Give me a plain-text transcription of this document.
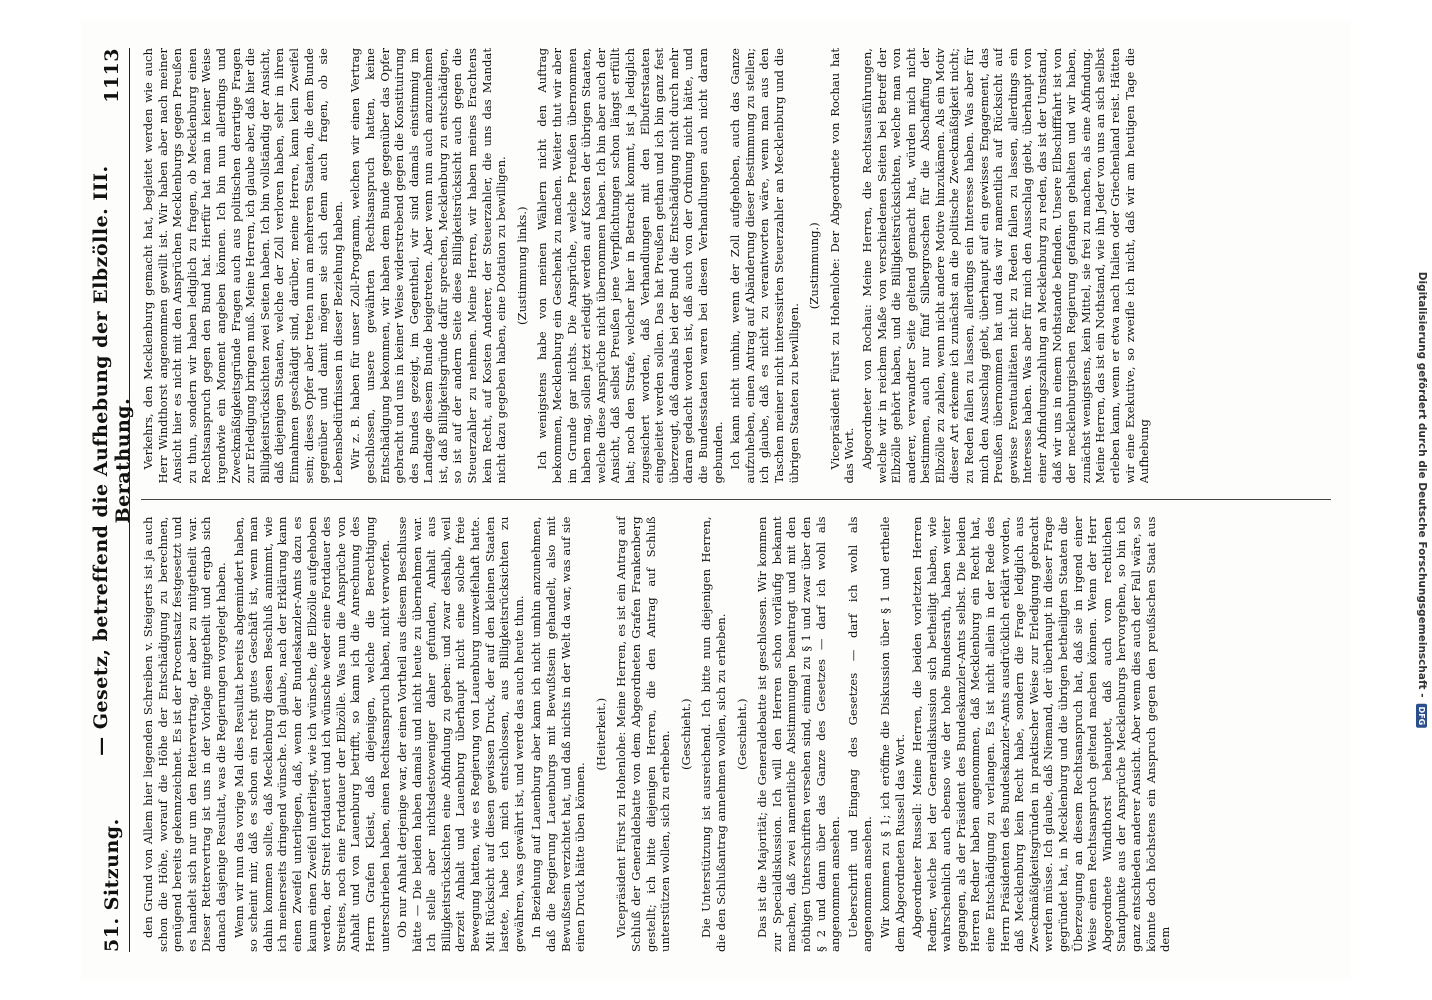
51. Sitzung.
— Gesetz, betreffend die Aufhebung der Elbzölle. III. Berathung.
1113

den Grund von Allem hier liegenden Schreiben v. Steigerts ist ja auch schon die Höhe, worauf die Höhe der Entschädigung zu berechnen, genügend bereits gekennzeichnet. Es ist der Procentsatz festgesetzt und es handelt sich nur um den Rettervertrag, der aber zu mitgetheilt war. Dieser Rettervertrag ist uns in der Vorlage mitgetheilt und ergab sich danach dasjenige Resultat, was die Regierungen vorgelegt haben. Wenn wir nun das vorige Mal dies Resultat bereits abgemindert haben, so scheint mir, daß es schon ein recht gutes Geschäft ist, wenn man dahin kommen sollte, daß Mecklenburg diesen Beschluß annimmt, wie ich meinerseits dringend wünsche. Ich glaube, nach der Erklärung kann einen Zweifel unterliegen, daß, wenn der Bundeskanzler-Amts dazu es kaum einen Zweifel unterliegt, wie ich wünsche, die Elbzölle aufgehoben werden, der Streit fortdauert und ich wünsche weder eine Fortdauer des Streites, noch eine Fortdauer der Elbzölle. Was nun die Ansprüche von Anhalt und von Lauenburg betrifft, so kann ich die Anrechnung des Herrn Grafen Kleist, daß diejenigen, welche die Berechtigung unterschrieben haben, einen Rechtsanspruch haben, nicht verworfen. Ob nur Anhalt derjenige war, der einen Vortheil aus diesem Beschlusse hätte — Die beiden haben damals und nicht heute zu übernehmen war. Ich stelle aber nichtsdestoweniger daher gefunden, Anhalt aus Billigkeitsrücksichten eine Abfindung zu geben: und zwar deshalb, weil derzeit Anhalt und Lauenburg überhaupt nicht eine solche freie Bewegung hatten, wie es Regierung von Lauenburg unzweifelhaft hatte. Mit Rücksicht auf diesen gewissen Druck, der auf den kleinen Staaten lastete, habe ich mich entschlossen, aus Billigkeitsrücksichten zu gewähren, was gewährt ist, und werde das auch heute thun. In Beziehung auf Lauenburg aber kann ich nicht umhin anzunehmen, daß die Regierung Lauenburgs mit Bewußtsein gehandelt, also mit Bewußtsein verzichtet hat, und daß nichts in der Welt da war, was auf sie einen Druck hätte üben können.

(Heiterkeit.) Vicepräsident Fürst zu Hohenlohe: Meine Herren, es ist ein Antrag auf Schluß der Generaldebatte von dem Abgeordneten Grafen Frankenberg gestellt; ich bitte diejenigen Herren, die den Antrag auf Schluß unterstützen wollen, sich zu erheben. (Geschieht.) Die Unterstützung ist ausreichend. Ich bitte nun diejenigen Herren, die den Schlußantrag annehmen wollen, sich zu erheben. (Geschieht.) Das ist die Majorität; die Generaldebatte ist geschlossen. Wir kommen zur Specialdiskussion. Ich will den Herren schon vorläufig bekannt machen, daß zwei namentliche Abstimmungen beantragt und mit den nöthigen Unterschriften versehen sind, einmal zu § 1 und zwar über den § 2 und dann über das Ganze des Gesetzes — darf ich wohl als angenommen ansehen. Ueberschrift und Eingang des Gesetzes — darf ich wohl als angenommen ansehen. Wir kommen zu § 1; ich eröffne die Diskussion über § 1 und ertheile dem Abgeordneten Russell das Wort. Abgeordneter Russell: Meine Herren, die beiden vorletzten Herren Redner, welche bei der Generaldiskussion sich betheiligt haben, wie wahrscheinlich auch ebenso wie der hohe Bundesrath, haben weiter gegangen, als der Präsident des Bundeskanzler-Amts selbst. Die beiden Herren Redner haben angenommen, daß Mecklenburg ein Recht hat, eine Entschädigung zu verlangen. Es ist nicht allein in der Rede des Herrn Präsidenten des Bundeskanzler-Amts ausdrücklich erklärt worden, daß Mecklenburg kein Recht habe, sondern die Frage lediglich aus Zweckmäßigkeitsgründen in praktischer Weise zur Erledigung gebracht werden müsse. Ich glaube, daß Niemand, der überhaupt in dieser Frage gegründet hat, in Mecklenburg und die übrigen betheiligten Staaten die Überzeugung an diesem Rechtsanspruch hat, daß sie in irgend einer Weise einen Rechtsanspruch geltend machen können. Wenn der Herr Abgeordnete Windthorst behauptet, daß auch vom rechtlichen Standpunkte aus der Ansprüche Mecklenburgs hervorgehen, so bin ich ganz entschieden anderer Ansicht. Aber wenn dies auch der Fall wäre, so könnte doch höchstens ein Anspruch gegen den preußischen Staat aus dem

Verkehrs, den Mecklenburg gemacht hat, begleitet werden wie auch Herr Windthorst angenommen gewillt ist. Wir haben aber nach meiner Ansicht hier es nicht mit den Ansprüchen Mecklenburgs gegen Preußen zu thun, sondern wir haben lediglich zu fragen, ob Mecklenburg einen Rechtsanspruch gegen den Bund hat. Hierfür hat man in keiner Weise irgendwie ein Moment angeben können. Ich bin nun allerdings und Zweckmäßigkeitsgründe Fragen auch aus politischen derartige Fragen zur Erledigung bringen muß. Meine Herren, ich glaube aber, daß hier die Billigkeitsrücksichten zwei Seiten haben. Ich bin vollständig der Ansicht, daß diejenigen Staaten, welche der Zoll verloren haben, sehr in ihren Einnahmen geschädigt sind, darüber, meine Herren, kann kein Zweifel sein; dieses Opfer aber treten nun an mehreren Staaten, die dem Bunde gegenüber und damit mögen sie sich denn auch fragen, ob sie Lebensbedürfnissen in dieser Beziehung haben. Wir z. B. haben für unser Zoll-Programm, welchen wir einen Vertrag geschlossen, unsere gewährten Rechtsanspruch hatten, keine Entschädigung bekommen, wir haben dem Bunde gegenüber das Opfer gebracht und uns in keiner Weise widerstrebend gegen die Konstituirung des Bundes gezeigt, im Gegentheil, wir sind damals einstimmig im Landtage diesem Bunde beigetreten. Aber wenn nun auch anzunehmen ist, daß Billigkeitsgründe dafür sprechen, Mecklenburg zu entschädigen, so ist auf der andern Seite diese Billigkeitsrücksicht auch gegen die Steuerzahler zu nehmen. Meine Herren, wir haben meines Erachtens kein Recht, auf Kosten Anderer, der Steuerzahler, die uns das Mandat nicht dazu gegeben haben, eine Dotation zu bewilligen. (Zustimmung links.) Ich wenigstens habe von meinen Wählern nicht den Auftrag bekommen, Mecklenburg ein Geschenk zu machen. Weiter thut wir aber im Grunde gar nichts. Die Ansprüche, welche Preußen übernommen haben mag, sollen jetzt erledigt werden auf Kosten der übrigen Staaten, welche diese Ansprüche nicht übernommen haben. Ich bin aber auch der Ansicht, daß selbst Preußen jene Verpflichtungen schon längst erfüllt hat; noch den Strafe, welcher hier in Betracht kommt, ist ja lediglich zugesichert worden, daß Verhandlungen mit den Elbuferstaaten eingeleitet werden sollen. Das hat Preußen gethan und ich bin ganz fest überzeugt, daß damals bei der Bund die Entschädigung nicht durch mehr daran gedacht worden ist, daß auch von der Ordnung nicht hätte, und die Bundesstaaten waren bei diesen Verhandlungen auch nicht daran gebunden. Ich kann nicht umhin, wenn der Zoll aufgehoben, auch das Ganze aufzuheben, einen Antrag auf Abänderung dieser Bestimmung zu stellen; ich glaube, daß es nicht zu verantworten wäre, wenn man aus den Taschen meiner nicht interessirten Steuerzahler an Mecklenburg und die übrigen Staaten zu bewilligen.

(Zustimmung.) Vicepräsident Fürst zu Hohenlohe: Der Abgeordnete von Rochau hat das Wort. Abgeordneter von Rochau: Meine Herren, die Rechtsausführungen, welche wir in reichem Maße von verschiedenen Seiten bei Betreff der Elbzölle gehört haben, und die Billigkeitsrücksichten, welche man von anderer, verwandter Seite geltend gemacht hat, würden mich nicht bestimmen, auch nur fünf Silbergroschen für die Abschaffung der Elbzölle zu zahlen, wenn nicht andere Motive hinzukämen. Als ein Motiv dieser Art erkenne ich zunächst an die politische Zweckmäßigkeit nicht; zu Reden fallen zu lassen, allerdings ein Interesse haben. Was aber für mich den Ausschlag giebt, überhaupt auf ein gewisses Engagement, das Preußen übernommen hat und das wir namentlich auf Rücksicht auf gewisse Eventualitäten nicht zu Reden fallen zu lassen, allerdings ein Interesse haben. Was aber für mich den Ausschlag giebt, überhaupt von einer Abfindungszahlung an Mecklenburg zu reden, das ist der Umstand, daß wir uns in einem Nothstande befinden. Unsere Elbschifffahrt ist von der mecklenburgischen Regierung gefangen gehalten und wir haben, zunächst wenigstens, kein Mittel, sie frei zu machen, als eine Abfindung. Meine Herren, das ist ein Nothstand, wie ihn Jeder von uns an sich selbst erleben kann, wenn er etwa nach Italien oder Griechenland reist. Hätten wir eine Exekutive, so zweifle ich nicht, daß wir am heutigen Tage die Aufhebung	Digitalisierung gefördert durch die Deutsche Forschungsgemeinschaft -
DFG
